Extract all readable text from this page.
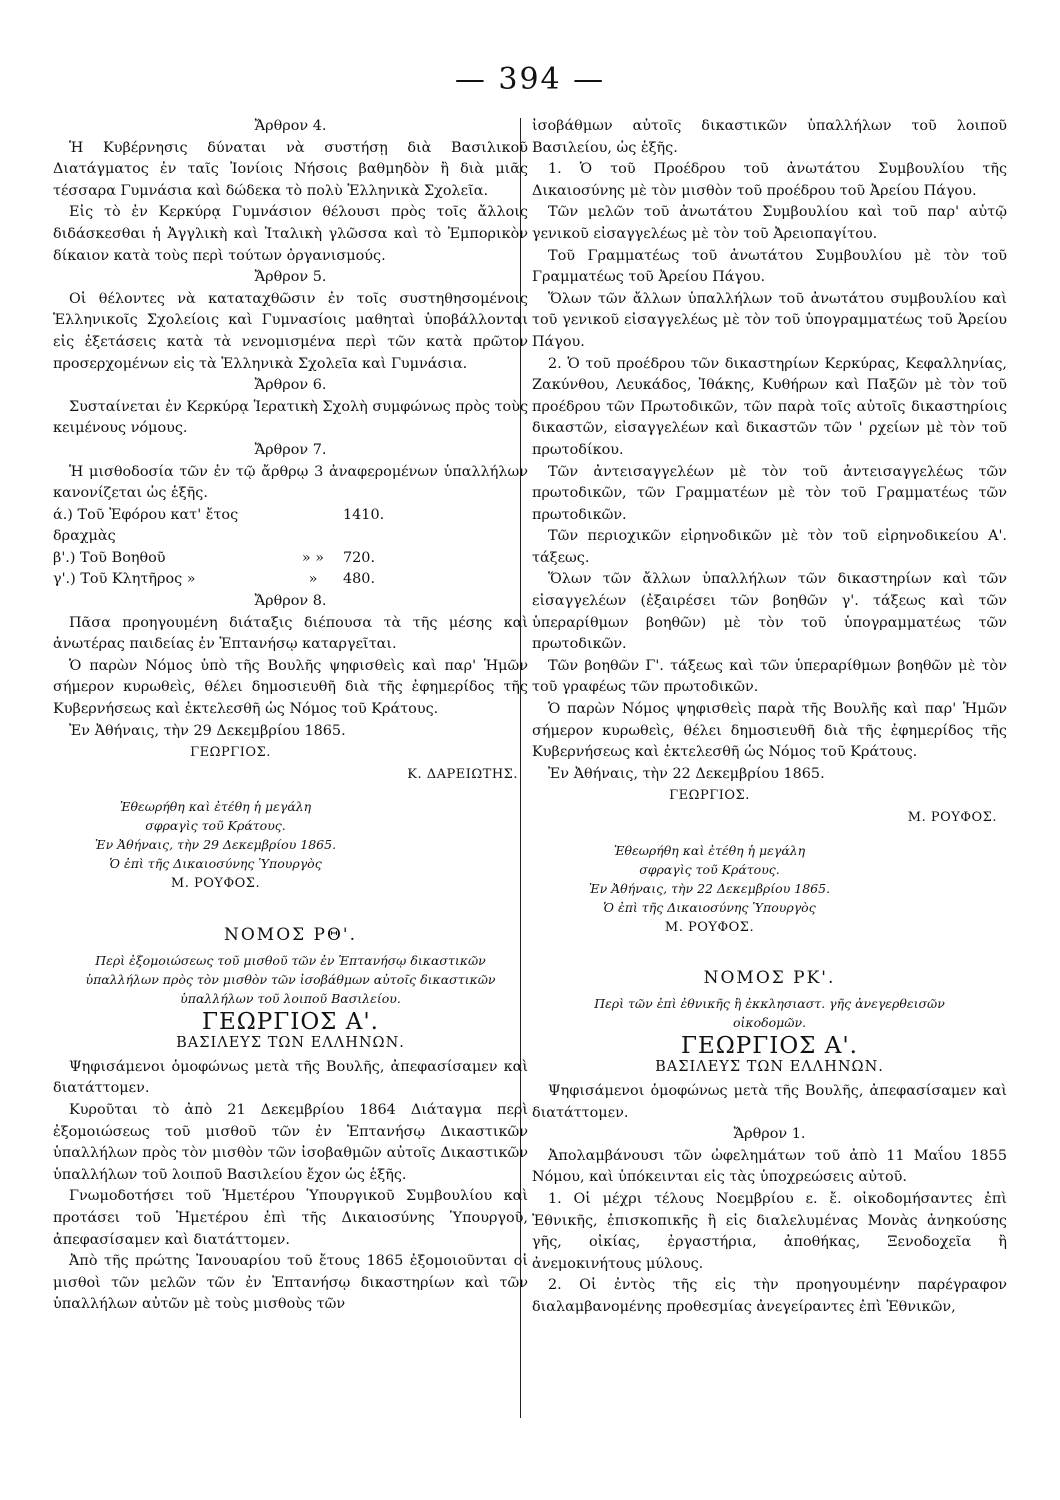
— 394 —

Ἄρθρον 4.

Ἡ Κυβέρνησις δύναται νὰ συστήσῃ διὰ Βασιλικοῦ Διατάγματος ἐν ταῖς Ἰονίοις Νήσοις βαθμηδὸν ἢ διὰ μιᾶς τέσσαρα Γυμνάσια καὶ δώδεκα τὸ πολὺ Ἑλληνικὰ Σχολεῖα.

Εἰς τὸ ἐν Κερκύρᾳ Γυμνάσιον θέλουσι πρὸς τοῖς ἄλλοις διδάσκεσθαι ἡ Ἀγγλικὴ καὶ Ἰταλικὴ γλῶσσα καὶ τὸ Ἐμπορικὸν δίκαιον κατὰ τοὺς περὶ τούτων ὀργανισμούς.

Ἄρθρον 5.

Οἱ θέλοντες νὰ καταταχθῶσιν ἐν τοῖς συστηθησομένοις Ἑλληνικοῖς Σχολείοις καὶ Γυμνασίοις μαθηταὶ ὑποβάλλονται εἰς ἐξετάσεις κατὰ τὰ νενομισμένα περὶ τῶν κατὰ πρῶτον προσερχομένων εἰς τὰ Ἑλληνικὰ Σχολεῖα καὶ Γυμνάσια.

Ἄρθρον 6.

Συσταίνεται ἐν Κερκύρᾳ Ἱερατικὴ Σχολὴ συμφώνως πρὸς τοὺς κειμένους νόμους.

Ἄρθρον 7.

Ἡ μισθοδοσία τῶν ἐν τῷ ἄρθρῳ 3 ἀναφερομένων ὑπαλλήλων κανονίζεται ὡς ἑξῆς.

ά.) Τοῦ Ἐφόρου κατ' ἔτος δραχμὰς
1410.
β'.) Τοῦ Βοηθοῦ	» »	720.
γ'.) Τοῦ Κλητῆρος »	»	480.

Ἄρθρον 8.

Πᾶσα προηγουμένη διάταξις διέπουσα τὰ τῆς μέσης καὶ ἀνωτέρας παιδείας ἐν Ἑπτανήσῳ καταργεῖται.

Ὁ παρὼν Νόμος ὑπὸ τῆς Βουλῆς ψηφισθεὶς καὶ παρ' Ἡμῶν σήμερον κυρωθεὶς, θέλει δημοσιευθῆ διὰ τῆς ἐφημερίδος τῆς Κυβερνήσεως καὶ ἐκτελεσθῆ ὡς Νόμος τοῦ Κράτους.

Ἐν Ἀθήναις, τὴν 29 Δεκεμβρίου 1865.

ΓΕΩΡΓΙΟΣ.

Κ. ΔΑΡΕΙΩΤΗΣ.

Ἐθεωρήθη καὶ ἐτέθη ἡ μεγάλη

σφραγὶς τοῦ Κράτους.

Ἐν Ἀθήναις, τὴν 29 Δεκεμβρίου 1865.

Ὁ ἐπὶ τῆς Δικαιοσύνης Ὑπουργὸς

Μ. ΡΟΥΦΟΣ.

ΝΟΜΟΣ ΡΘ'.

Περὶ ἐξομοιώσεως τοῦ μισθοῦ τῶν ἐν Ἑπτανήσῳ δικαστικῶν ὑπαλλήλων πρὸς τὸν μισθὸν τῶν ἰσοβάθμων αὐτοῖς δικαστικῶν ὑπαλλήλων τοῦ λοιποῦ Βασιλείου.

ΓΕΩΡΓΙΟΣ Α'.

ΒΑΣΙΛΕΥΣ ΤΩΝ ΕΛΛΗΝΩΝ.

Ψηφισάμενοι ὁμοφώνως μετὰ τῆς Βουλῆς, ἀπεφασίσαμεν καὶ διατάττομεν.

Κυροῦται τὸ ἀπὸ 21 Δεκεμβρίου 1864 Διάταγμα περὶ ἐξομοιώσεως τοῦ μισθοῦ τῶν ἐν Ἑπτανήσῳ Δικαστικῶν ὑπαλλήλων πρὸς τὸν μισθὸν τῶν ἰσοβαθμῶν αὐτοῖς Δικαστικῶν ὑπαλλήλων τοῦ λοιποῦ Βασιλείου ἔχον ὡς ἑξῆς.

Γνωμοδοτήσει τοῦ Ἡμετέρου Ὑπουργικοῦ Συμβουλίου καὶ προτάσει τοῦ Ἡμετέρου ἐπὶ τῆς Δικαιοσύνης Ὑπουργοῦ, ἀπεφασίσαμεν καὶ διατάττομεν.

Ἀπὸ τῆς πρώτης Ἰανουαρίου τοῦ ἔτους 1865 ἐξομοιοῦνται οἱ μισθοὶ τῶν μελῶν τῶν ἐν Ἑπτανήσῳ δικαστηρίων καὶ τῶν ὑπαλλήλων αὐτῶν μὲ τοὺς μισθοὺς τῶν

ἰσοβάθμων αὐτοῖς δικαστικῶν ὑπαλλήλων τοῦ λοιποῦ Βασιλείου, ὡς ἑξῆς.

1. Ὁ τοῦ Προέδρου τοῦ ἀνωτάτου Συμβουλίου τῆς Δικαιοσύνης μὲ τὸν μισθὸν τοῦ προέδρου τοῦ Ἀρείου Πάγου.

Τῶν μελῶν τοῦ ἀνωτάτου Συμβουλίου καὶ τοῦ παρ' αὐτῷ γενικοῦ εἰσαγγελέως μὲ τὸν τοῦ Ἀρειοπαγίτου.

Τοῦ Γραμματέως τοῦ ἀνωτάτου Συμβουλίου μὲ τὸν τοῦ Γραμματέως τοῦ Ἀρείου Πάγου.

Ὅλων τῶν ἄλλων ὑπαλλήλων τοῦ ἀνωτάτου συμβουλίου καὶ τοῦ γενικοῦ εἰσαγγελέως μὲ τὸν τοῦ ὑπογραμματέως τοῦ Ἀρείου Πάγου.

2. Ὁ τοῦ προέδρου τῶν δικαστηρίων Κερκύρας, Κεφαλληνίας, Ζακύνθου, Λευκάδος, Ἰθάκης, Κυθήρων καὶ Παξῶν μὲ τὸν τοῦ προέδρου τῶν Πρωτοδικῶν, τῶν παρὰ τοῖς αὐτοῖς δικαστηρίοις δικαστῶν, εἰσαγγελέων καὶ δικαστῶν τῶν ' ρχείων μὲ τὸν τοῦ πρωτοδίκου.

Τῶν ἀντεισαγγελέων μὲ τὸν τοῦ ἀντεισαγγελέως τῶν πρωτοδικῶν, τῶν Γραμματέων μὲ τὸν τοῦ Γραμματέως τῶν πρωτοδικῶν.

Τῶν περιοχικῶν εἰρηνοδικῶν μὲ τὸν τοῦ εἰρηνοδικείου Α'. τάξεως.

Ὅλων τῶν ἄλλων ὑπαλλήλων τῶν δικαστηρίων καὶ τῶν εἰσαγγελέων (ἐξαιρέσει τῶν βοηθῶν γ'. τάξεως καὶ τῶν ὑπεραρίθμων βοηθῶν) μὲ τὸν τοῦ ὑπογραμματέως τῶν πρωτοδικῶν.

Τῶν βοηθῶν Γ'. τάξεως καὶ τῶν ὑπεραρίθμων βοηθῶν μὲ τὸν τοῦ γραφέως τῶν πρωτοδικῶν.

Ὁ παρὼν Νόμος ψηφισθεὶς παρὰ τῆς Βουλῆς καὶ παρ' Ἡμῶν σήμερον κυρωθεὶς, θέλει δημοσιευθῆ διὰ τῆς ἐφημερίδος τῆς Κυβερνήσεως καὶ ἐκτελεσθῆ ὡς Νόμος τοῦ Κράτους.

Ἐν Ἀθήναις, τὴν 22 Δεκεμβρίου 1865.

ΓΕΩΡΓΙΟΣ.

Μ. ΡΟΥΦΟΣ.

Ἐθεωρήθη καὶ ἐτέθη ἡ μεγάλη

σφραγὶς τοῦ Κράτους.

Ἐν Ἀθήναις, τὴν 22 Δεκεμβρίου 1865.

Ὁ ἐπὶ τῆς Δικαιοσύνης Ὑπουργὸς

Μ. ΡΟΥΦΟΣ.

ΝΟΜΟΣ ΡΚ'.

Περὶ τῶν ἐπὶ ἐθνικῆς ἢ ἐκκλησιαστ. γῆς ἀνεγερθεισῶν οἰκοδομῶν.

ΓΕΩΡΓΙΟΣ Α'.

ΒΑΣΙΛΕΥΣ ΤΩΝ ΕΛΛΗΝΩΝ.

Ψηφισάμενοι ὁμοφώνως μετὰ τῆς Βουλῆς, ἀπεφασίσαμεν καὶ διατάττομεν.

Ἄρθρον 1.

Ἀπολαμβάνουσι τῶν ὠφελημάτων τοῦ ἀπὸ 11 Μαΐου 1855 Νόμου, καὶ ὑπόκεινται εἰς τὰς ὑποχρεώσεις αὐτοῦ.

1. Οἱ μέχρι τέλους Νοεμβρίου ε. ἔ. οἰκοδομήσαντες ἐπὶ Ἐθνικῆς, ἐπισκοπικῆς ἢ εἰς διαλελυμένας Μονὰς ἀνηκούσης γῆς, οἰκίας, ἐργαστήρια, ἀποθήκας, Ξενοδοχεῖα ἢ ἀνεμοκινήτους μύλους.

2. Οἱ ἐντὸς τῆς εἰς τὴν προηγουμένην παρέγραφον διαλαμβανομένης προθεσμίας ἀνεγείραντες ἐπὶ Ἐθνικῶν,
